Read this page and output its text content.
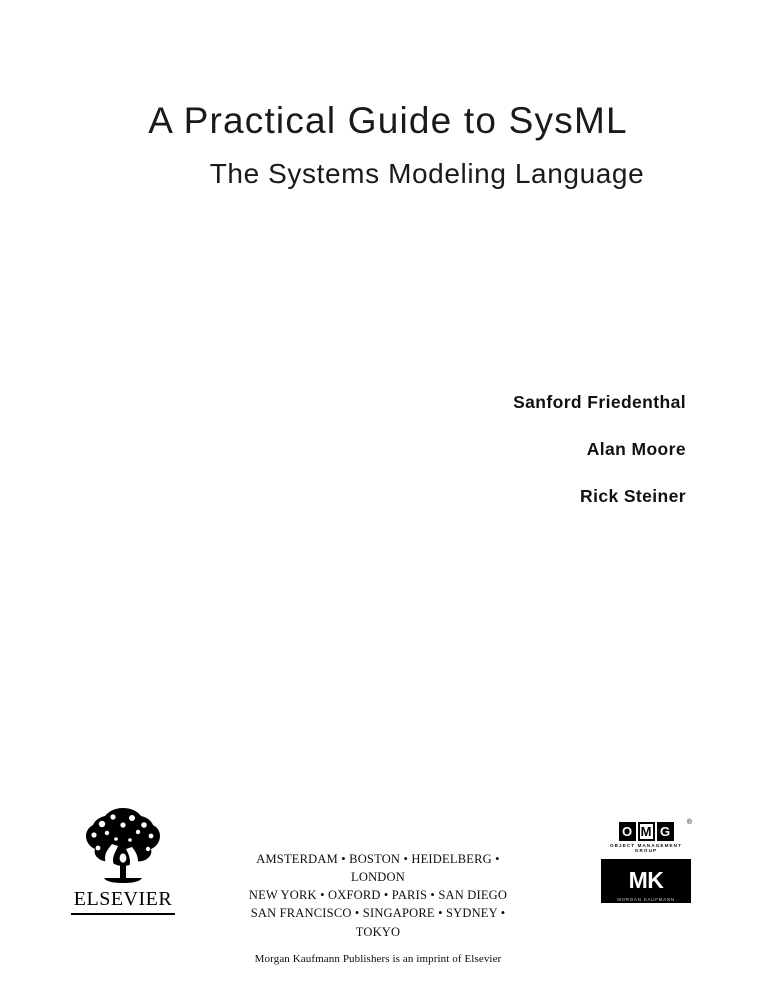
A Practical Guide to SysML
The Systems Modeling Language
Sanford Friedenthal
Alan Moore
Rick Steiner
ELSEVIER
AMSTERDAM • BOSTON • HEIDELBERG • LONDON
NEW YORK • OXFORD • PARIS • SAN DIEGO
SAN FRANCISCO • SINGAPORE • SYDNEY • TOKYO
Morgan Kaufmann Publishers is an imprint of Elsevier
O M G
®
OBJECT MANAGEMENT GROUP
MK
MORGAN KAUFMANN
